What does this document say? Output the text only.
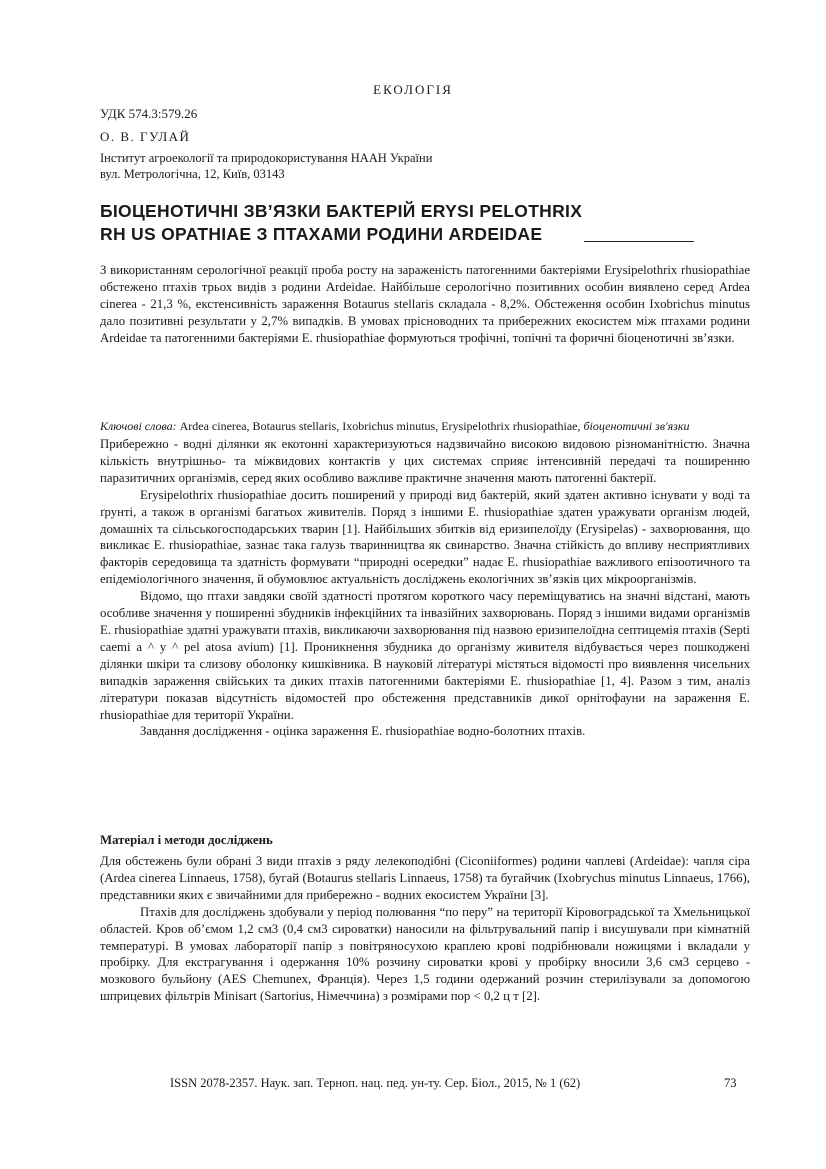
ЕКОЛОГІЯ
УДК 574.3:579.26
О. В. ГУЛАЙ
Інститут агроекології та природокористування НААН України
вул. Метрологічна, 12, Київ, 03143
БІОЦЕНОТИЧНІ ЗВ’ЯЗКИ БАКТЕРІЙ ERYSI PELOTHRIX
RH US OPATHIAE З ПТАХАМИ РОДИНИ ARDEIDAE

З використанням серологічної реакції проба росту на зараженість патогенними бактеріями Erysipelothrix rhusiopathiae обстежено птахів трьох видів з родини Ardeidae. Найбільше серологічно позитивних особин виявлено серед Ardea cinerea - 21,3 %, екстенсивність зараження Botaurus stellaris складала - 8,2%. Обстеження особин Ixobrichus minutus дало позитивні результати у 2,7% випадків. В умовах прісноводних та прибережних екосистем між птахами родини Ardeidae та патогенними бактеріями E. rhusiopathiae формуються трофічні, топічні та форичні біоценотичні зв’язки.

Ключові слова: Ardea cinerea, Botaurus stellaris, Ixobrichus minutus, Erysipelothrix rhusiopathiae, біоценотичні зв'язки

Прибережно - водні ділянки як екотонні характеризуються надзвичайно високою видовою різноманітністю. Значна кількість внутрішньо- та міжвидових контактів у цих системах сприяє інтенсивній передачі та поширенню паразитичних організмів, серед яких особливо важливе практичне значення мають патогенні бактерії.

Erysipelothrix rhusiopathiae досить поширений у природі вид бактерій, який здатен активно існувати у воді та ґрунті, а також в організмі багатьох живителів. Поряд з іншими E. rhusiopathiae здатен уражувати організм людей, домашніх та сільськогосподарських тварин [1]. Найбільших збитків від еризипелоїду (Erysipelas) - захворювання, що викликає E. rhusiopathiae, зазнає така галузь тваринництва як свинарство. Значна стійкість до впливу несприятливих факторів середовища та здатність формувати “природні осередки” надає E. rhusiopathiae важливого епізоотичного та епідеміологічного значення, й обумовлює актуальність досліджень екологічних зв’язків цих мікроорганізмів.

Відомо, що птахи завдяки своїй здатності протягом короткого часу переміщуватись на значні відстані, мають особливе значення у поширенні збудників інфекційних та інвазійних захворювань. Поряд з іншими видами організмів E. rhusiopathiae здатні уражувати птахів, викликаючи захворювання під назвою еризипелоїдна септицемія птахів (Septi caemi a ^ y ^ pel atosa avium) [1]. Проникнення збудника до організму живителя відбувається через пошкоджені ділянки шкіри та слизову оболонку кишківника. В науковій літературі містяться відомості про виявлення чисельних випадків зараження свійських та диких птахів патогенними бактеріями E. rhusiopathiae [1, 4]. Разом з тим, аналіз літератури показав відсутність відомостей про обстеження представників дикої орнітофауни на зараження E. rhusiopathiae для території України.

Завдання дослідження - оцінка зараження E. rhusiopathiae водно-болотних птахів.

Матеріал і методи досліджень

Для обстежень були обрані 3 види птахів з ряду лелекоподібні (Ciconiiformes) родини чаплеві (Ardeidae): чапля сіра (Ardea cinerea Linnaeus, 1758), бугай (Botaurus stellaris Linnaeus, 1758) та бугайчик (Ixobrychus minutus Linnaeus, 1766), представники яких є звичайними для прибережно - водних екосистем України [3].

Птахів для досліджень здобували у період полювання “по перу” на території Кіровоградської та Хмельницької областей. Кров об’ємом 1,2 см3 (0,4 см3 сироватки) наносили на фільтрувальний папір і висушували при кімнатній температурі. В умовах лабораторії папір з повітряносухою краплею крові подрібнювали ножицями і вкладали у пробірку. Для екстрагування і одержання 10% розчину сироватки крові у пробірку вносили 3,6 см3 серцево - мозкового бульйону (AES Chemunex, Франція). Через 1,5 години одержаний розчин стерилізували за допомогою шприцевих фільтрів Minisart (Sartorius, Німеччина) з розмірами пор < 0,2 ц т [2].

ISSN 2078-2357. Наук. зап. Терноп. нац. пед. ун-ту. Сер. Біол., 2015, № 1 (62)	73
